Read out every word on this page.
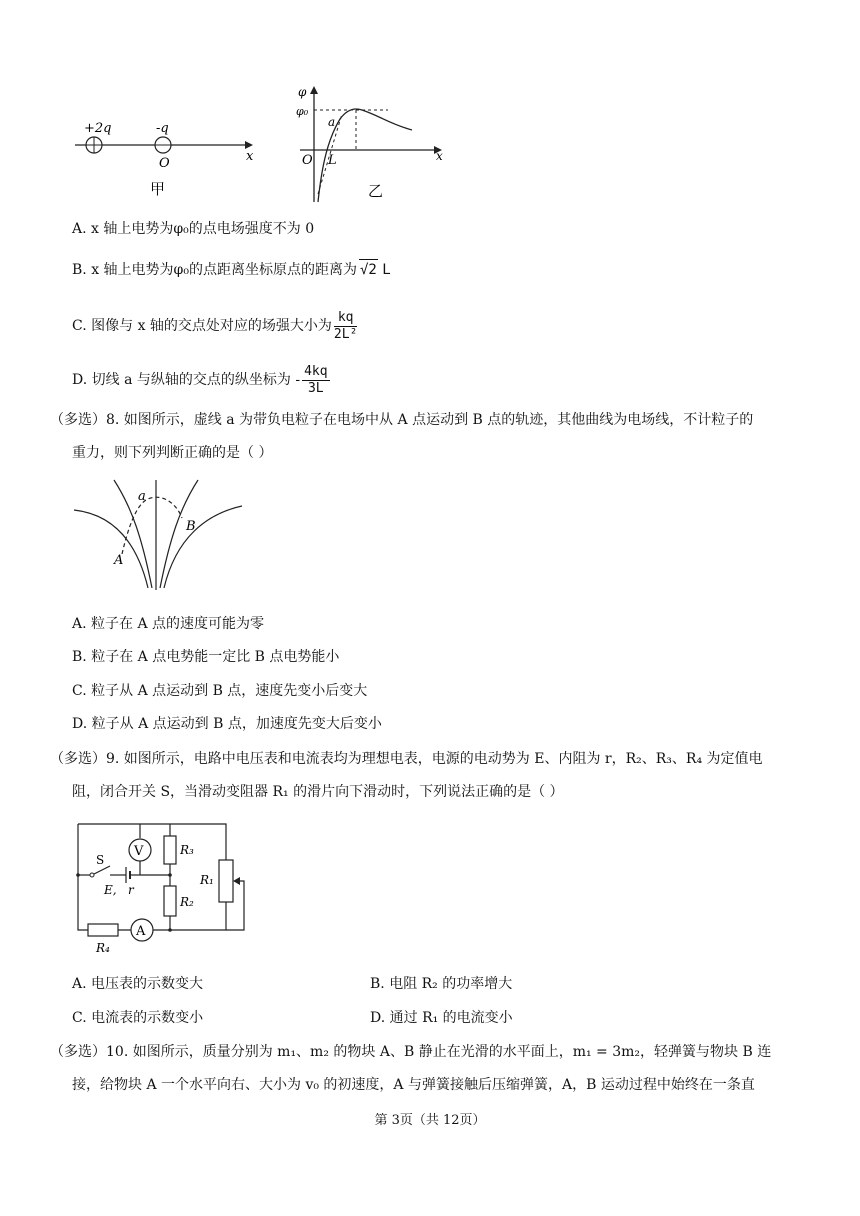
+2q	-q
O	x
甲
φ
φ₀
a
O L	x
乙
A. x 轴上电势为φ₀的点电场强度不为 0
B. x 轴上电势为φ₀的点距离坐标原点的距离为 √2 L
C. 图像与 x 轴的交点处对应的场强大小为 $\frac{kq}{\text{2L²}}$
D. 切线 a 与纵轴的交点的纵坐标为 - $\frac{4kq}{3L}$
（多选）8. 如图所示，虚线 a 为带负电粒子在电场中从 A 点运动到 B 点的轨迹，其他曲线为电场线，不计粒子的
重力，则下列判断正确的是（ ）
a
A
B
A. 粒子在 A 点的速度可能为零
B. 粒子在 A 点电势能一定比 B 点电势能小
C. 粒子从 A 点运动到 B 点，速度先变小后变大
D. 粒子从 A 点运动到 B 点，加速度先变大后变小
（多选）9. 如图所示，电路中电压表和电流表均为理想电表，电源的电动势为 E、内阻为 r，R₂、R₃、R₄ 为定值电
阻，闭合开关 S，当滑动变阻器 R₁ 的滑片向下滑动时，下列说法正确的是（ ）
R₁
R₃
R₂
V
S
E, r
A
R₄
A. 电压表的示数变大	B. 电阻 R₂ 的功率增大
C. 电流表的示数变小	D. 通过 R₁ 的电流变小
（多选）10. 如图所示，质量分别为 m₁、m₂ 的物块 A、B 静止在光滑的水平面上，m₁ = 3m₂，轻弹簧与物块 B 连
接，给物块 A 一个水平向右、大小为 v₀ 的初速度，A 与弹簧接触后压缩弹簧，A，B 运动过程中始终在一条直
第 3页（共 12页）
